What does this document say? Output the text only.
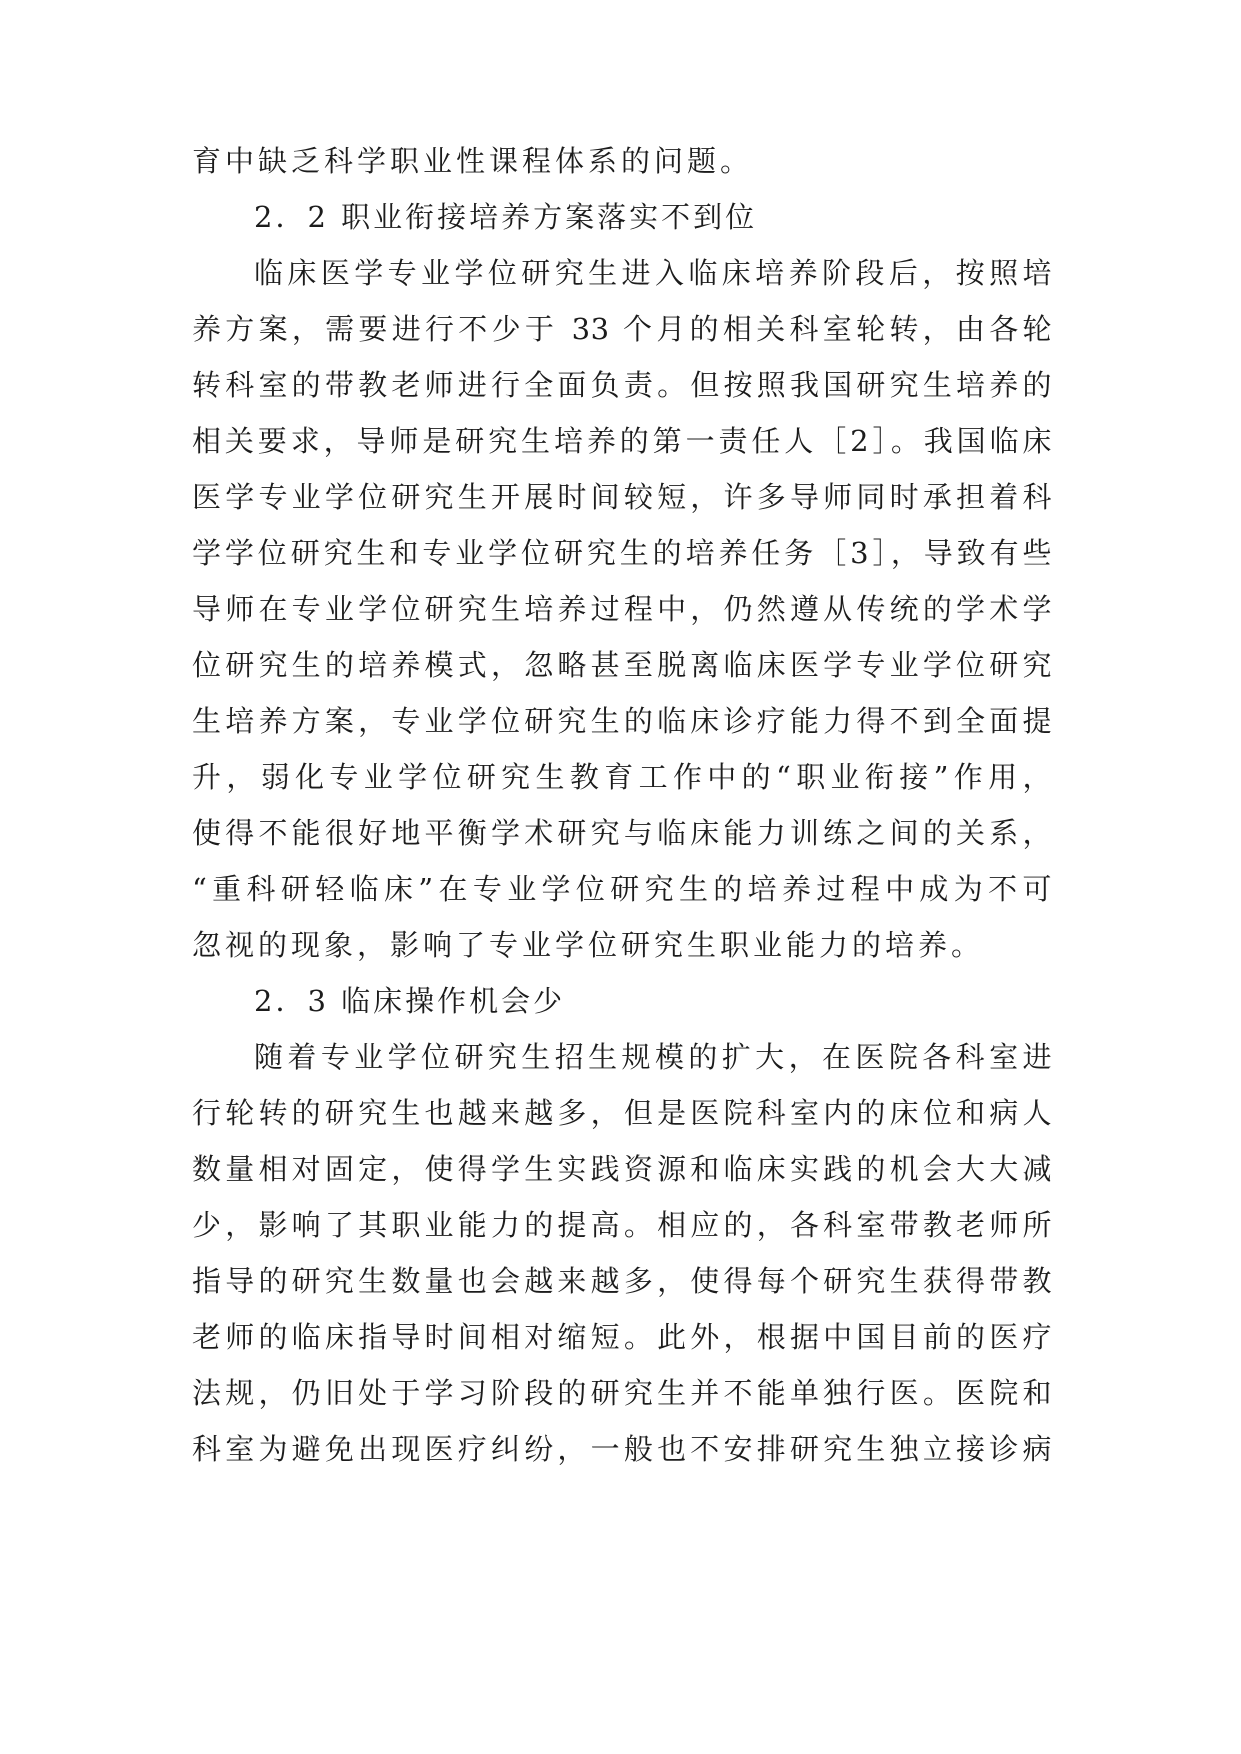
育中缺乏科学职业性课程体系的问题。

2．2 职业衔接培养方案落实不到位

临床医学专业学位研究生进入临床培养阶段后，按照培

养方案，需要进行不少于 33 个月的相关科室轮转，由各轮

转科室的带教老师进行全面负责。但按照我国研究生培养的

相关要求，导师是研究生培养的第一责任人［2］。我国临床

医学专业学位研究生开展时间较短，许多导师同时承担着科

学学位研究生和专业学位研究生的培养任务［3］，导致有些

导师在专业学位研究生培养过程中，仍然遵从传统的学术学

位研究生的培养模式，忽略甚至脱离临床医学专业学位研究

生培养方案，专业学位研究生的临床诊疗能力得不到全面提

升，弱化专业学位研究生教育工作中的“职业衔接”作用，

使得不能很好地平衡学术研究与临床能力训练之间的关系，

“重科研轻临床”在专业学位研究生的培养过程中成为不可

忽视的现象，影响了专业学位研究生职业能力的培养。

2．3 临床操作机会少

随着专业学位研究生招生规模的扩大，在医院各科室进

行轮转的研究生也越来越多，但是医院科室内的床位和病人

数量相对固定，使得学生实践资源和临床实践的机会大大减

少，影响了其职业能力的提高。相应的，各科室带教老师所

指导的研究生数量也会越来越多，使得每个研究生获得带教

老师的临床指导时间相对缩短。此外，根据中国目前的医疗

法规，仍旧处于学习阶段的研究生并不能单独行医。医院和

科室为避免出现医疗纠纷，一般也不安排研究生独立接诊病
